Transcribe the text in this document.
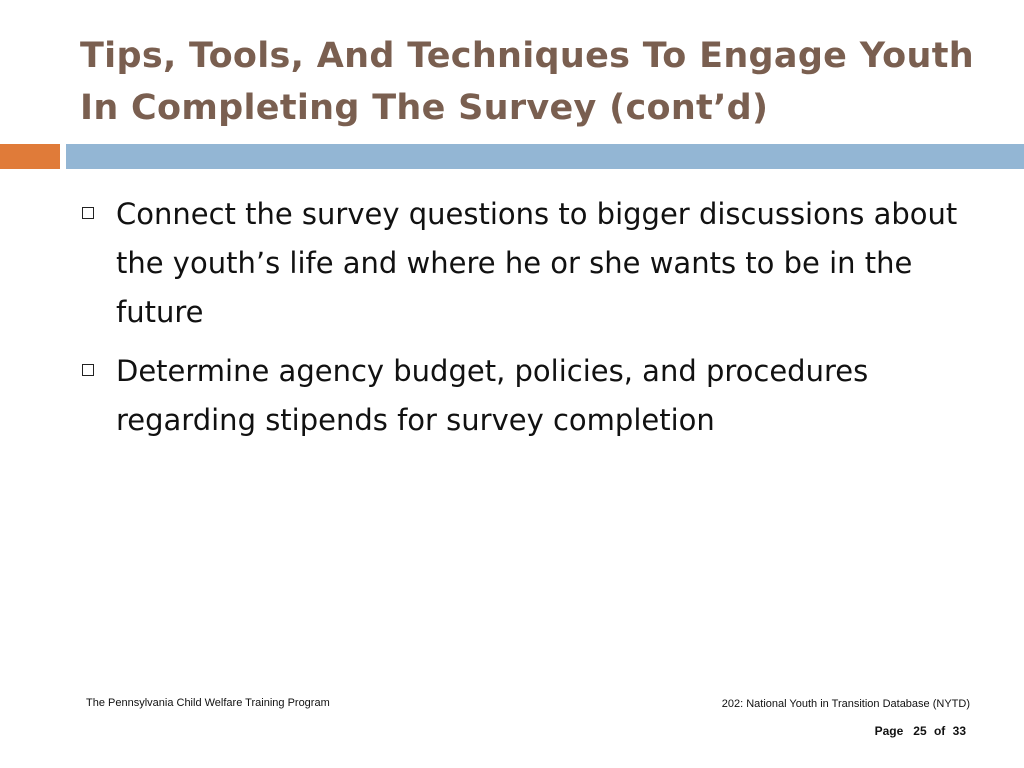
Tips, Tools, And Techniques To Engage Youth
In Completing The Survey (cont’d)
Connect the survey questions to bigger discussions about the youth’s life and where he or she wants to be in the future
Determine agency budget, policies, and procedures regarding stipends for survey completion
The Pennsylvania Child Welfare Training Program	202: National Youth in Transition Database (NYTD)
Page 25 of 33
